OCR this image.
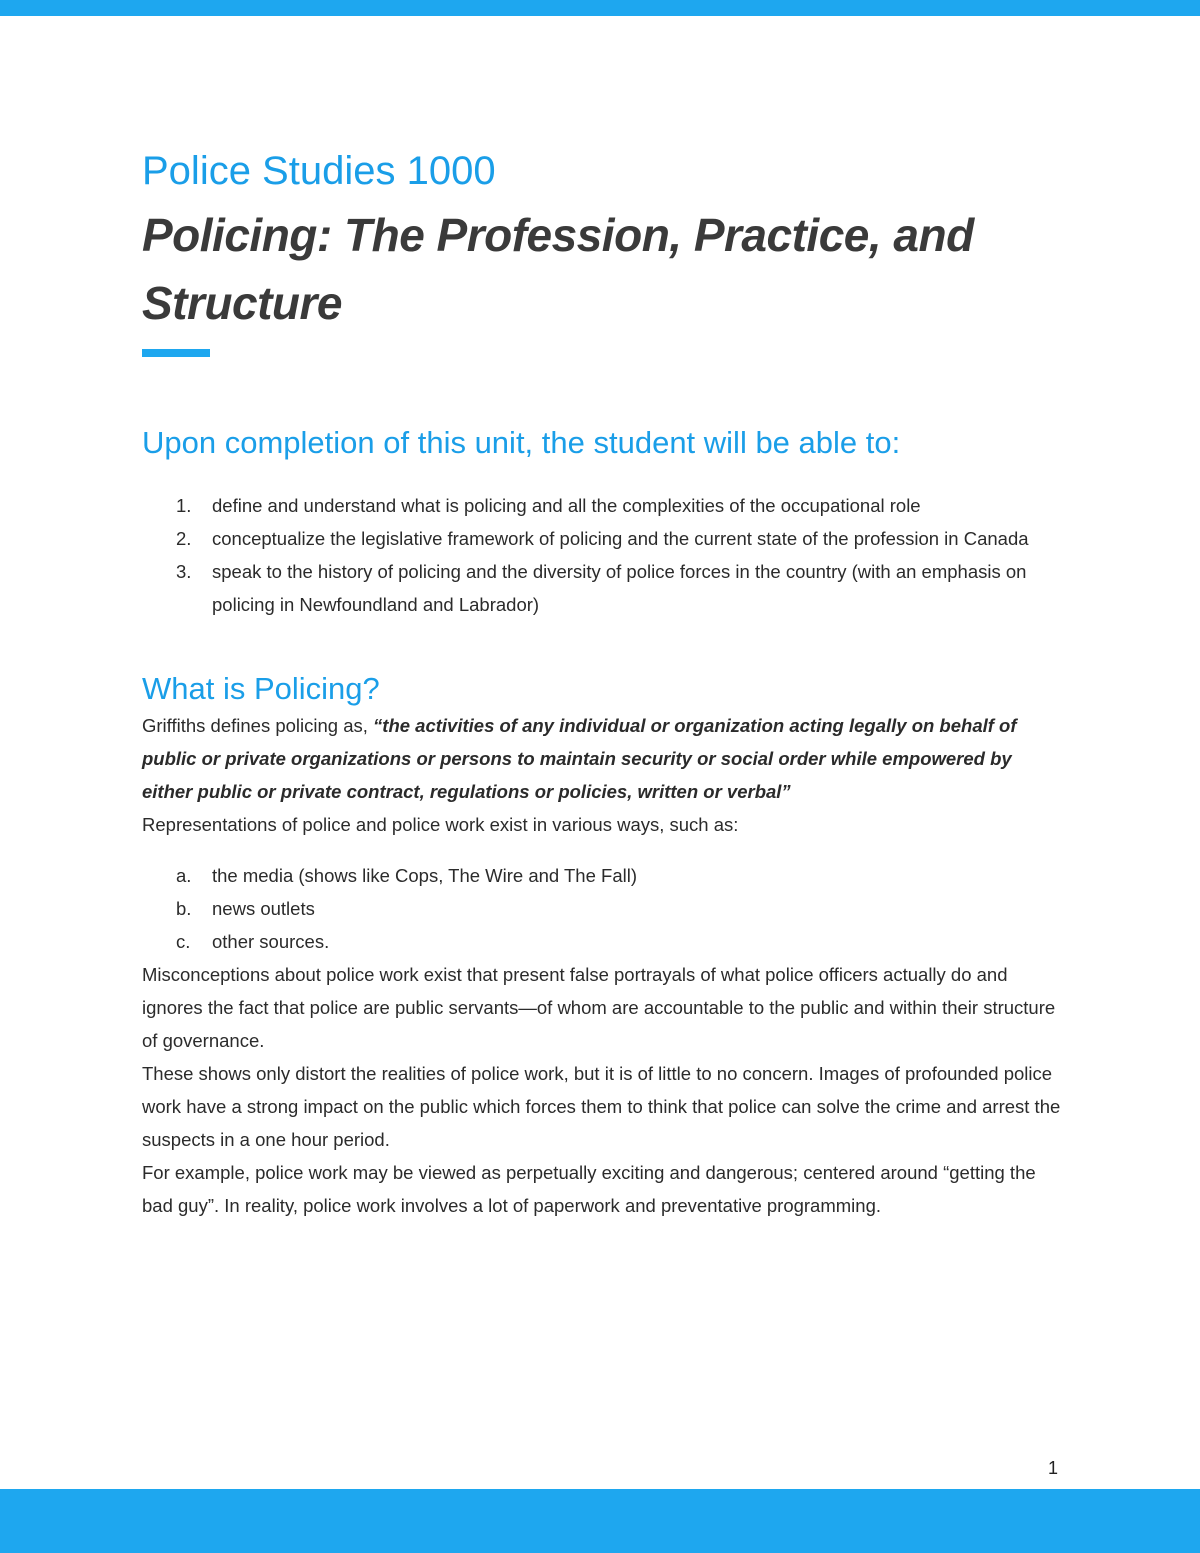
Police Studies 1000
Policing: The Profession, Practice, and Structure
Upon completion of this unit, the student will be able to:
1. define and understand what is policing and all the complexities of the occupational role
2. conceptualize the legislative framework of policing and the current state of the profession in Canada
3. speak to the history of policing and the diversity of police forces in the country (with an emphasis on policing in Newfoundland and Labrador)
What is Policing?

Griffiths defines policing as, “the activities of any individual or organization acting legally on behalf of public or private organizations or persons to maintain security or social order while empowered by either public or private contract, regulations or policies, written or verbal”

Representations of police and police work exist in various ways, such as:

a. the media (shows like Cops, The Wire and The Fall)
b. news outlets
c. other sources.

Misconceptions about police work exist that present false portrayals of what police officers actually do and ignores the fact that police are public servants—of whom are accountable to the public and within their structure of governance.

These shows only distort the realities of police work, but it is of little to no concern. Images of profounded police work have a strong impact on the public which forces them to think that police can solve the crime and arrest the suspects in a one hour period.

For example, police work may be viewed as perpetually exciting and dangerous; centered around “getting the bad guy”. In reality, police work involves a lot of paperwork and preventative programming.

1
